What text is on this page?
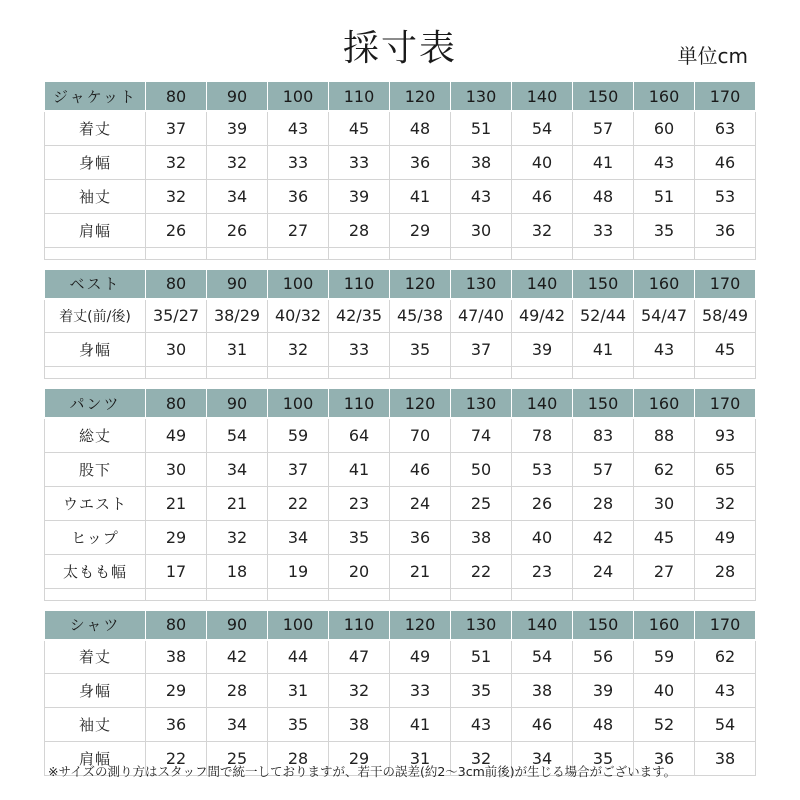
採寸表	単位cm
ジャケット	80	90	100	110	120	130	140	150	160	170
着丈	37	39	43	45	48	51	54	57	60	63
身幅	32	32	33	33	36	38	40	41	43	46
袖丈	32	34	36	39	41	43	46	48	51	53
肩幅	26	26	27	28	29	30	32	33	35	36

ベスト	80	90	100	110	120	130	140	150	160	170
着丈(前/後)	35/27	38/29	40/32	42/35	45/38	47/40	49/42	52/44	54/47	58/49
身幅	30	31	32	33	35	37	39	41	43	45

パンツ	80	90	100	110	120	130	140	150	160	170
総丈	49	54	59	64	70	74	78	83	88	93
股下	30	34	37	41	46	50	53	57	62	65
ウエスト	21	21	22	23	24	25	26	28	30	32
ヒップ	29	32	34	35	36	38	40	42	45	49
太もも幅	17	18	19	20	21	22	23	24	27	28

シャツ	80	90	100	110	120	130	140	150	160	170
着丈	38	42	44	47	49	51	54	56	59	62
身幅	29	28	31	32	33	35	38	39	40	43
袖丈	36	34	35	38	41	43	46	48	52	54
肩幅	22	25	28	29	31	32	34	35	36	38
※サイズの測り方はスタッフ間で統一しておりますが、若干の誤差(約2〜3cm前後)が生じる場合がございます。
